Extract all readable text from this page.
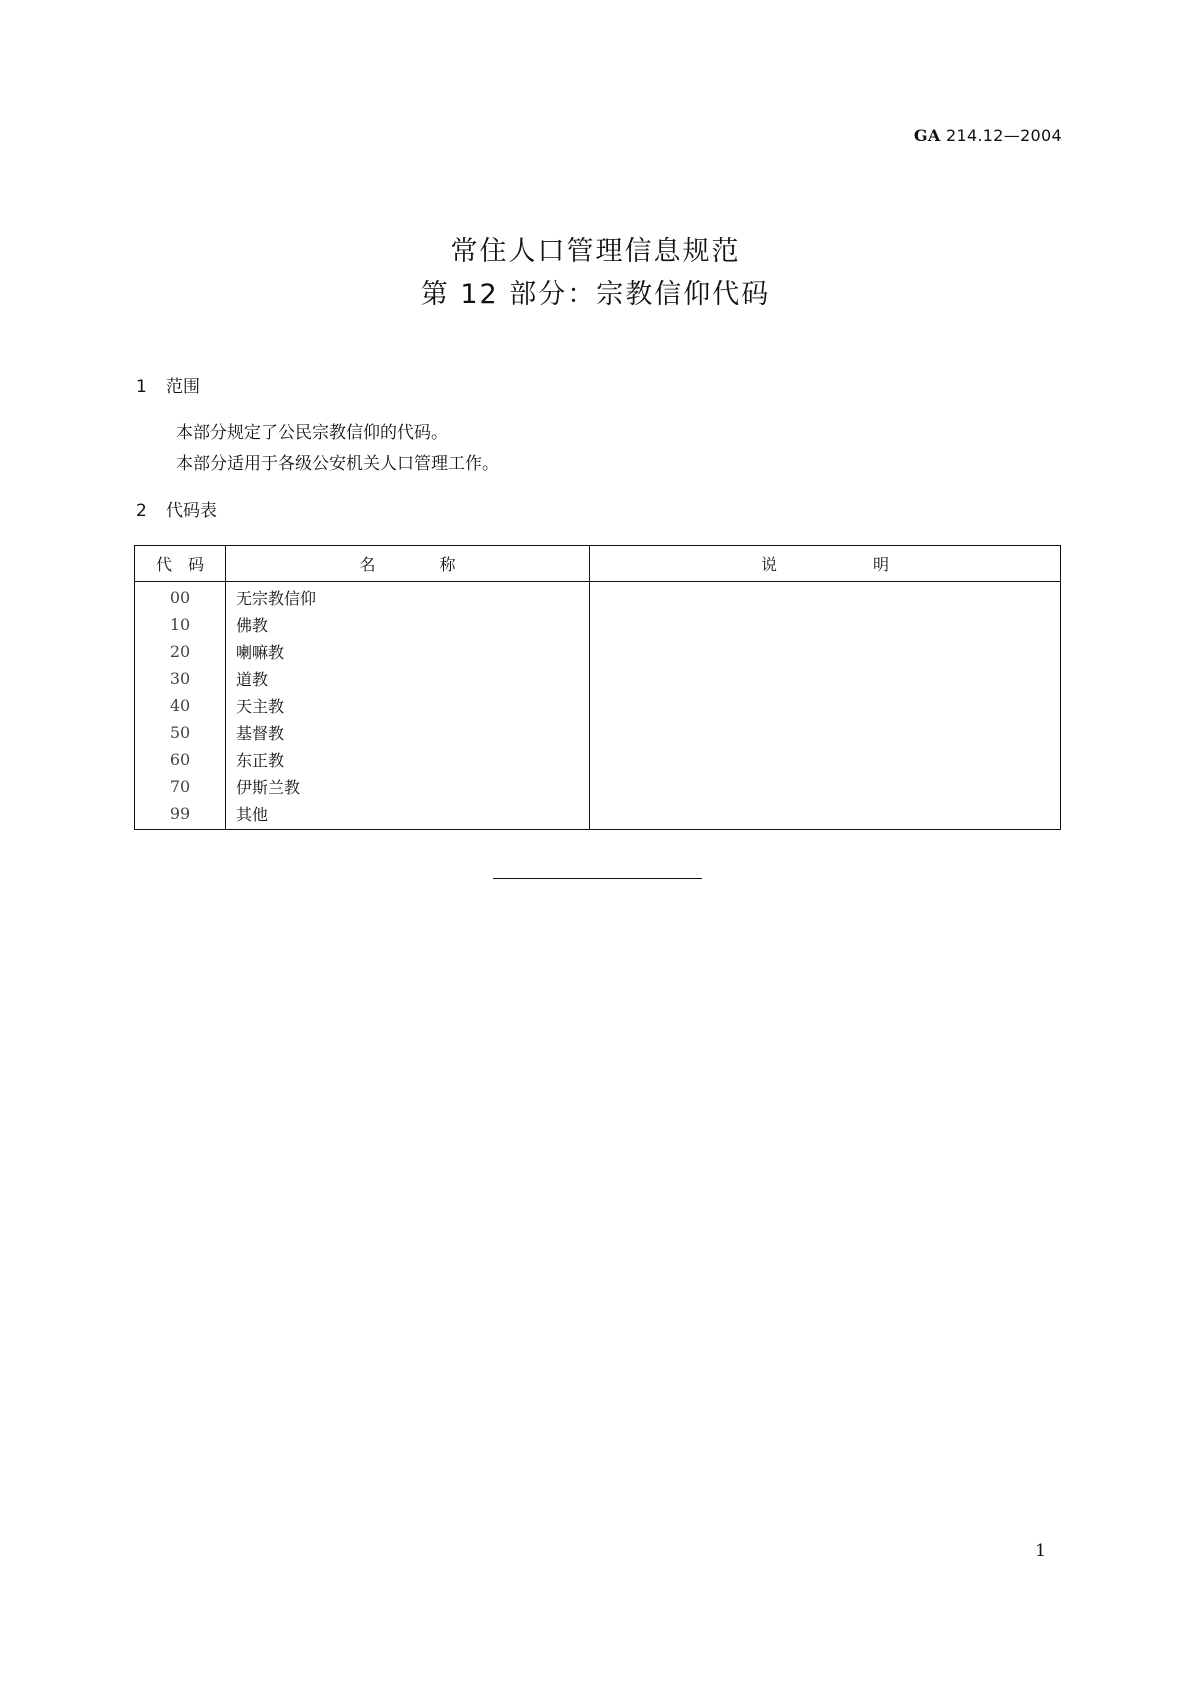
GA 214.12—2004
常住人口管理信息规范
第 12 部分：宗教信仰代码
1 范围
本部分规定了公民宗教信仰的代码。
本部分适用于各级公安机关人口管理工作。
2 代码表
代　码	名　　　　称	说　　　　　　明
00	无宗教信仰	
10	佛教	
20	喇嘛教	
30	道教	
40	天主教	
50	基督教	
60	东正教	
70	伊斯兰教	
99	其他	
1
